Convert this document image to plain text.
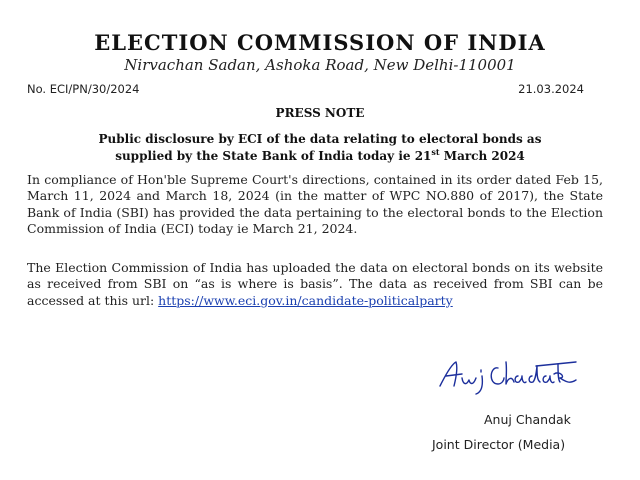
ELECTION COMMISSION OF INDIA
Nirvachan Sadan, Ashoka Road, New Delhi-110001
No. ECI/PN/30/2024	21.03.2024
PRESS NOTE
Public disclosure by ECI of the data relating to electoral bonds as
supplied by the State Bank of India today ie 21st March 2024
In compliance of Hon'ble Supreme Court's directions, contained in its order dated Feb 15, March 11, 2024 and March 18, 2024 (in the matter of WPC NO.880 of 2017), the State Bank of India (SBI) has provided the data pertaining to the electoral bonds to the Election Commission of India (ECI) today ie March 21, 2024.
The Election Commission of India has uploaded the data on electoral bonds on its website as received from SBI on “as is where is basis”. The data as received from SBI can be accessed at this url: https://www.eci.gov.in/candidate-politicalparty
Anuj Chandak
Joint Director (Media)
